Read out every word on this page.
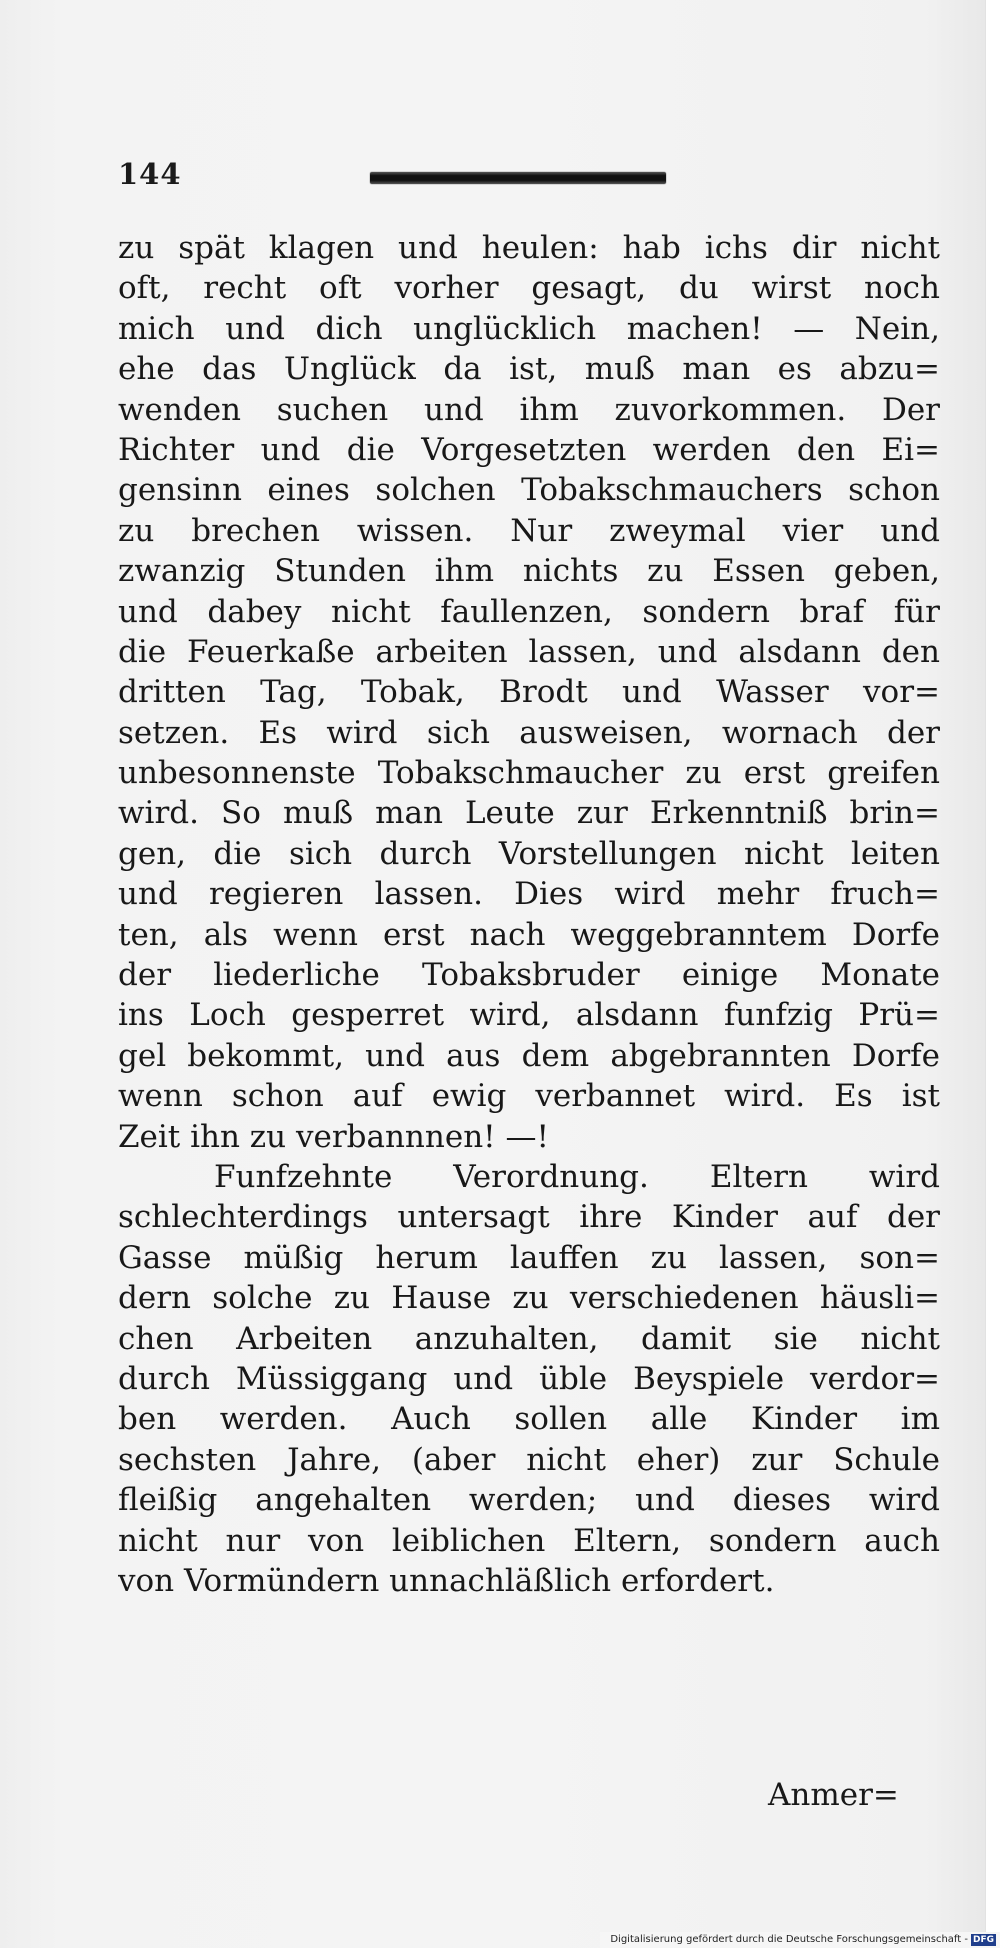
144
zu spät klagen und heulen: hab ichs dir nicht
oft, recht oft vorher gesagt, du wirst noch
mich und dich unglücklich machen! — Nein,
ehe das Unglück da ist, muß man es abzu=
wenden suchen und ihm zuvorkommen. Der
Richter und die Vorgesetzten werden den Ei=
gensinn eines solchen Tobakschmauchers schon
zu brechen wissen. Nur zweymal vier und
zwanzig Stunden ihm nichts zu Essen geben,
und dabey nicht faullenzen, sondern braf für
die Feuerkaße arbeiten lassen, und alsdann den
dritten Tag, Tobak, Brodt und Wasser vor=
setzen. Es wird sich ausweisen, wornach der
unbesonnenste Tobakschmaucher zu erst greifen
wird. So muß man Leute zur Erkenntniß brin=
gen, die sich durch Vorstellungen nicht leiten
und regieren lassen. Dies wird mehr fruch=
ten, als wenn erst nach weggebranntem Dorfe
der liederliche Tobaksbruder einige Monate
ins Loch gesperret wird, alsdann funfzig Prü=
gel bekommt, und aus dem abgebrannten Dorfe
wenn schon auf ewig verbannet wird. Es ist
Zeit ihn zu verbannnen! —!
Funfzehnte Verordnung. Eltern wird
schlechterdings untersagt ihre Kinder auf der
Gasse müßig herum lauffen zu lassen, son=
dern solche zu Hause zu verschiedenen häusli=
chen Arbeiten anzuhalten, damit sie nicht
durch Müssiggang und üble Beyspiele verdor=
ben werden. Auch sollen alle Kinder im
sechsten Jahre, (aber nicht eher) zur Schule
fleißig angehalten werden; und dieses wird
nicht nur von leiblichen Eltern, sondern auch
von Vormündern unnachläßlich erfordert.
Anmer=
Digitalisierung gefördert durch die Deutsche Forschungsgemeinschaft - DFG
